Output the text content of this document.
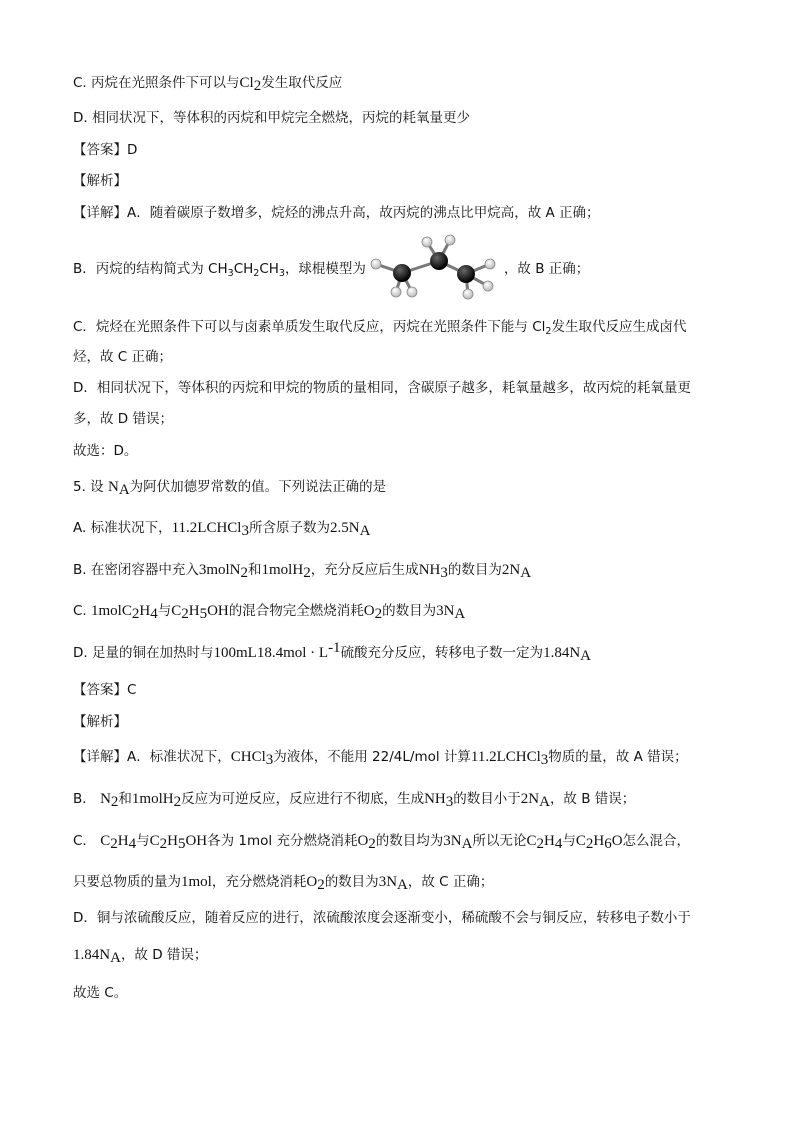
C. 丙烷在光照条件下可以与$Cl_2$发生取代反应
D. 相同状况下，等体积的丙烷和甲烷完全燃烧，丙烷的耗氧量更少
【答案】D
【解析】
【详解】A．随着碳原子数增多，烷烃的沸点升高，故丙烷的沸点比甲烷高，故 A 正确；
B．丙烷的结构简式为 $CH_3CH_2CH_3$，球棍模型为	，故 B 正确；
C．烷烃在光照条件下可以与卤素单质发生取代反应，丙烷在光照条件下能与 $Cl_2$发生取代反应生成卤代
烃，故 C 正确；
D．相同状况下，等体积的丙烷和甲烷的物质的量相同，含碳原子越多，耗氧量越多，故丙烷的耗氧量更
多，故 D 错误；
故选：D。
5. 设 $N_A$为阿伏加德罗常数的值。下列说法正确的是
A. 标准状况下，11.2LCHCl$_3$所含原子数为$2.5N_A$
B. 在密闭容器中充入3molN$_2$和1molH$_2$，充分反应后生成$NH_3$的数目为$2N_A$
C. $1molC_2H_4$与$C_2H_5OH$的混合物完全燃烧消耗$O_2$的数目为$3N_A$
D. 足量的铜在加热时与$100mL18.4mol \cdot L^{-1}$硫酸充分反应，转移电子数一定为$1.84N_A$
【答案】C
【解析】
【详解】A．标准状况下，CHCl$_3$为液体，不能用 22/4L/mol 计算11.2LCHCl$_3$物质的量，故 A 错误；
B． $N_2$和1molH$_2$反应为可逆反应，反应进行不彻底，生成$NH_3$的数目小于$2N_A$，故 B 错误；
C． $C_2H_4$与$C_2H_5OH$各为 1mol 充分燃烧消耗$O_2$的数目均为$3N_A$所以无论$C_2H_4$与$C_2H_6O$怎么混合，
只要总物质的量为1mol，充分燃烧消耗$O_2$的数目为$3N_A$，故 C 正确；
D．铜与浓硫酸反应，随着反应的进行，浓硫酸浓度会逐渐变小，稀硫酸不会与铜反应，转移电子数小于
$1.84N_A$，故 D 错误；
故选 C。
